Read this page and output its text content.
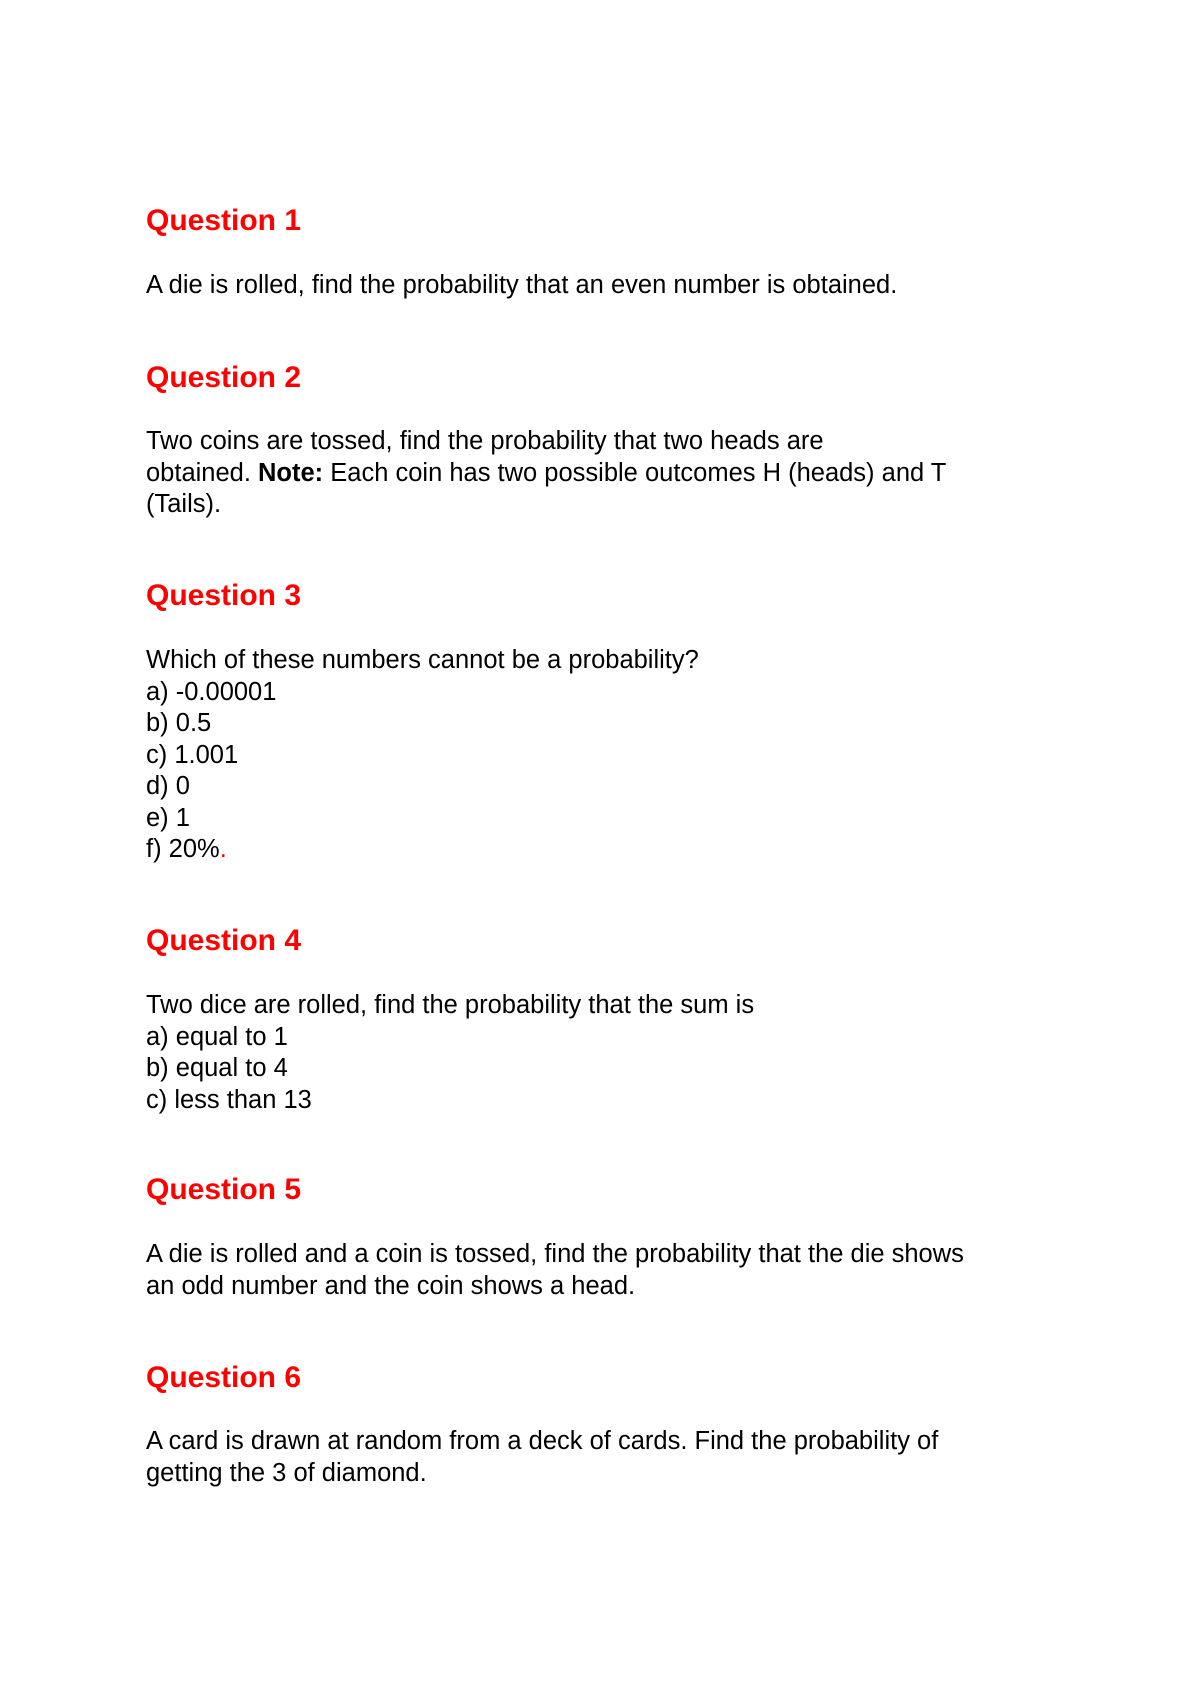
Question 1

A die is rolled, find the probability that an even number is obtained.

Question 2

Two coins are tossed, find the probability that two heads are
obtained. Note: Each coin has two possible outcomes H (heads) and T
(Tails).

Question 3

Which of these numbers cannot be a probability?
a) -0.00001
b) 0.5
c) 1.001
d) 0
e) 1
f) 20%.

Question 4

Two dice are rolled, find the probability that the sum is
a) equal to 1
b) equal to 4
c) less than 13

Question 5

A die is rolled and a coin is tossed, find the probability that the die shows
an odd number and the coin shows a head.

Question 6

A card is drawn at random from a deck of cards. Find the probability of
getting the 3 of diamond.
